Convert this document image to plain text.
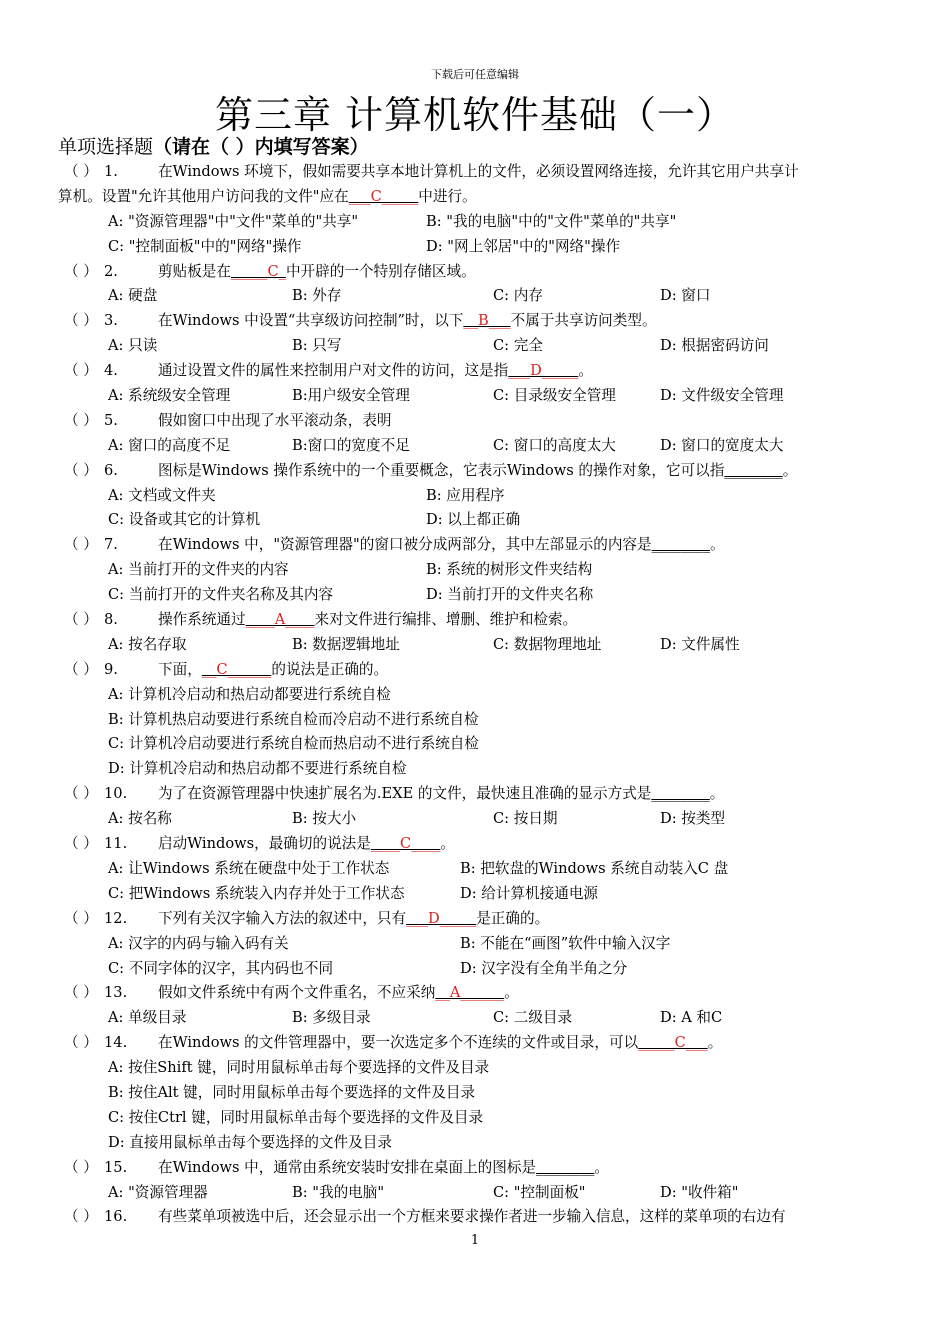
下载后可任意编辑
第三章 计算机软件基础（一）
单项选择题（请在（ ）内填写答案）
（ ） 1.	在Windows 环境下，假如需要共享本地计算机上的文件，必须设置网络连接，允许其它用户共享计
算机。设置"允许其他用户访问我的文件"应在___C_____中进行。
A: "资源管理器"中"文件"菜单的"共享"	B: "我的电脑"中的"文件"菜单的"共享"
C: "控制面板"中的"网络"操作	D: "网上邻居"中的"网络"操作
（ ） 2.	剪贴板是在_____C_中开辟的一个特别存储区域。
A: 硬盘	B: 外存	C: 内存	D: 窗口
（ ） 3.	在Windows 中设置“共享级访问控制”时，以下__B___不属于共享访问类型。
A: 只读	B: 只写	C: 完全	D: 根据密码访问
（ ） 4.	通过设置文件的属性来控制用户对文件的访问，这是指___D_____。
A: 系统级安全管理	B:用户级安全管理	C: 目录级安全管理	D: 文件级安全管理
（ ） 5.	假如窗口中出现了水平滚动条，表明
A: 窗口的高度不足	B:窗口的宽度不足	C: 窗口的高度太大	D: 窗口的宽度太大
（ ） 6.	图标是Windows 操作系统中的一个重要概念，它表示Windows 的操作对象，它可以指________。
A: 文档或文件夹	B: 应用程序
C: 设备或其它的计算机	D: 以上都正确
（ ） 7.	在Windows 中，"资源管理器"的窗口被分成两部分，其中左部显示的内容是________。
A: 当前打开的文件夹的内容	B: 系统的树形文件夹结构
C: 当前打开的文件夹名称及其内容	D: 当前打开的文件夹名称
（ ） 8.	操作系统通过____A____来对文件进行编排、增删、维护和检索。
A: 按名存取	B: 数据逻辑地址	C: 数据物理地址	D: 文件属性
（ ） 9.	下面，__C______的说法是正确的。
A: 计算机冷启动和热启动都要进行系统自检
B: 计算机热启动要进行系统自检而冷启动不进行系统自检
C: 计算机冷启动要进行系统自检而热启动不进行系统自检
D: 计算机冷启动和热启动都不要进行系统自检
（ ） 10. 为了在资源管理器中快速扩展名为.EXE 的文件，最快速且准确的显示方式是________。
A: 按名称	B: 按大小	C: 按日期	D: 按类型
（ ） 11. 启动Windows，最确切的说法是____C____。
A: 让Windows 系统在硬盘中处于工作状态	B: 把软盘的Windows 系统自动装入C 盘
C: 把Windows 系统装入内存并处于工作状态	D: 给计算机接通电源
（ ） 12. 下列有关汉字输入方法的叙述中，只有___D_____是正确的。
A: 汉字的内码与输入码有关	B: 不能在“画图”软件中输入汉字
C: 不同字体的汉字，其内码也不同	D: 汉字没有全角半角之分
（ ） 13. 假如文件系统中有两个文件重名，不应采纳__A______。
A: 单级目录	B: 多级目录	C: 二级目录	D: A 和C
（ ） 14. 在Windows 的文件管理器中，要一次选定多个不连续的文件或目录，可以_____C___。
A: 按住Shift 键，同时用鼠标单击每个要选择的文件及目录
B: 按住Alt 键，同时用鼠标单击每个要选择的文件及目录
C: 按住Ctrl 键，同时用鼠标单击每个要选择的文件及目录
D: 直接用鼠标单击每个要选择的文件及目录
（ ） 15. 在Windows 中，通常由系统安装时安排在桌面上的图标是________。
A: "资源管理器	B: "我的电脑"	C: "控制面板"	D: "收件箱"
（ ） 16. 有些菜单项被选中后，还会显示出一个方框来要求操作者进一步输入信息，这样的菜单项的右边有
1
